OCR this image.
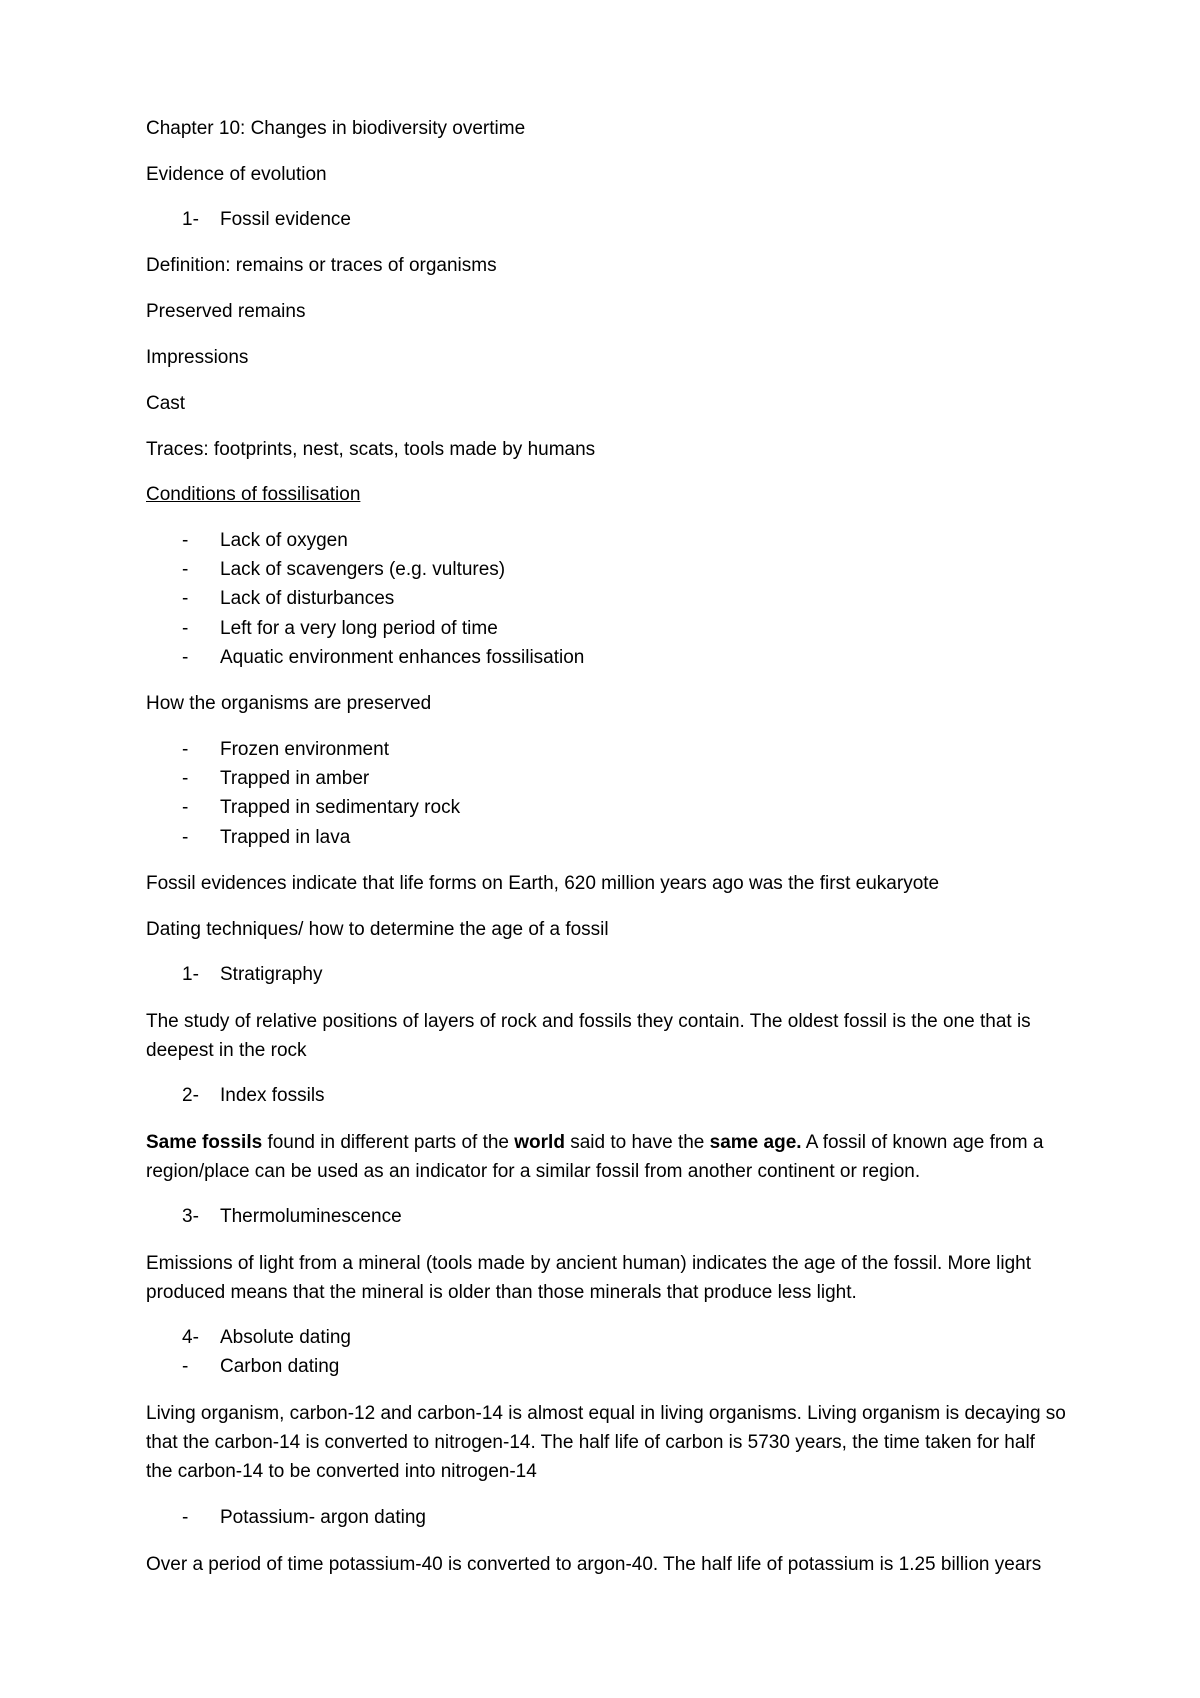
Chapter 10: Changes in biodiversity overtime
Evidence of evolution
1-	Fossil evidence
Definition: remains or traces of organisms
Preserved remains
Impressions
Cast
Traces: footprints, nest, scats, tools made by humans
Conditions of fossilisation
-	Lack of oxygen
-	Lack of scavengers (e.g. vultures)
-	Lack of disturbances
-	Left for a very long period of time
-	Aquatic environment enhances fossilisation
How the organisms are preserved
-	Frozen environment
-	Trapped in amber
-	Trapped in sedimentary rock
-	Trapped in lava
Fossil evidences indicate that life forms on Earth, 620 million years ago was the first eukaryote
Dating techniques/ how to determine the age of a fossil
1-	Stratigraphy
The study of relative positions of layers of rock and fossils they contain. The oldest fossil is the one that is deepest in the rock
2-	Index fossils
Same fossils found in different parts of the world said to have the same age. A fossil of known age from a region/place can be used as an indicator for a similar fossil from another continent or region.
3-	Thermoluminescence
Emissions of light from a mineral (tools made by ancient human) indicates the age of the fossil. More light produced means that the mineral is older than those minerals that produce less light.
4-	Absolute dating
-	Carbon dating
Living organism, carbon-12 and carbon-14 is almost equal in living organisms. Living organism is decaying so that the carbon-14 is converted to nitrogen-14. The half life of carbon is 5730 years, the time taken for half the carbon-14 to be converted into nitrogen-14
-	Potassium- argon dating
Over a period of time potassium-40 is converted to argon-40. The half life of potassium is 1.25 billion years
